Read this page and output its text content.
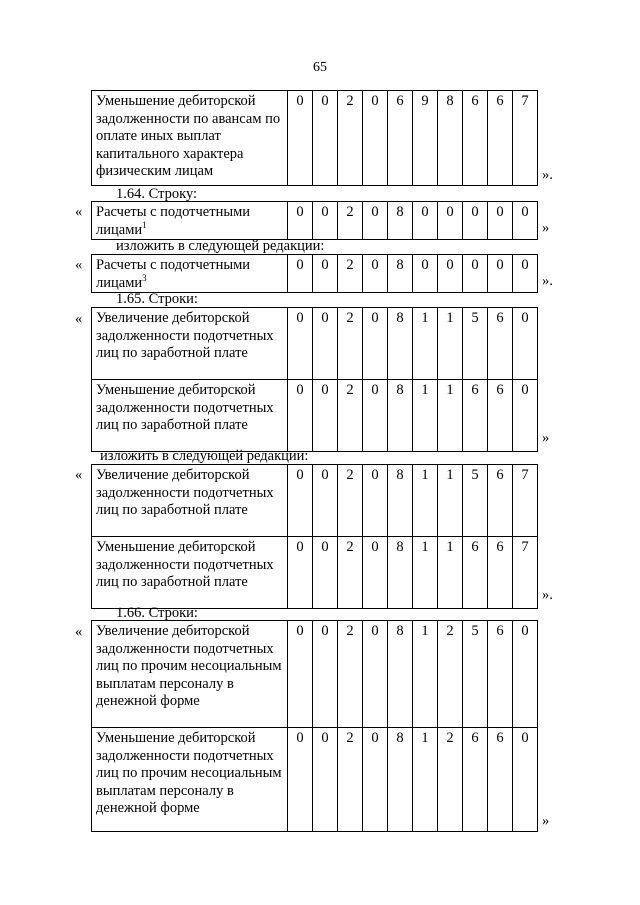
65
Уменьшение дебиторской задолженности по авансам по оплате иных выплат капитального характера физическим лицам	0	0	2	0	6	9	8	6	6	7
».
1.64. Строку:
« Расчеты с подотчетными лицами$^1$	0	0	2	0	8	0	0	0	0	0
»
изложить в следующей редакции:
« Расчеты с подотчетными лицами$^3$	0	0	2	0	8	0	0	0	0	0
».
1.65. Строки:
« Увеличение дебиторской задолженности подотчетных лиц по заработной плате	0	0	2	0	8	1	1	5	6	0
Уменьшение дебиторской задолженности подотчетных лиц по заработной плате	0	0	2	0	8	1	1	6	6	0
»
изложить в следующей редакции:
« Увеличение дебиторской задолженности подотчетных лиц по заработной плате	0	0	2	0	8	1	1	5	6	7
Уменьшение дебиторской задолженности подотчетных лиц по заработной плате	0	0	2	0	8	1	1	6	6	7
».
1.66. Строки:
« Увеличение дебиторской задолженности подотчетных лиц по прочим несоциальным выплатам персоналу в денежной форме	0	0	2	0	8	1	2	5	6	0
Уменьшение дебиторской задолженности подотчетных лиц по прочим несоциальным выплатам персоналу в денежной форме	0	0	2	0	8	1	2	6	6	0
»
